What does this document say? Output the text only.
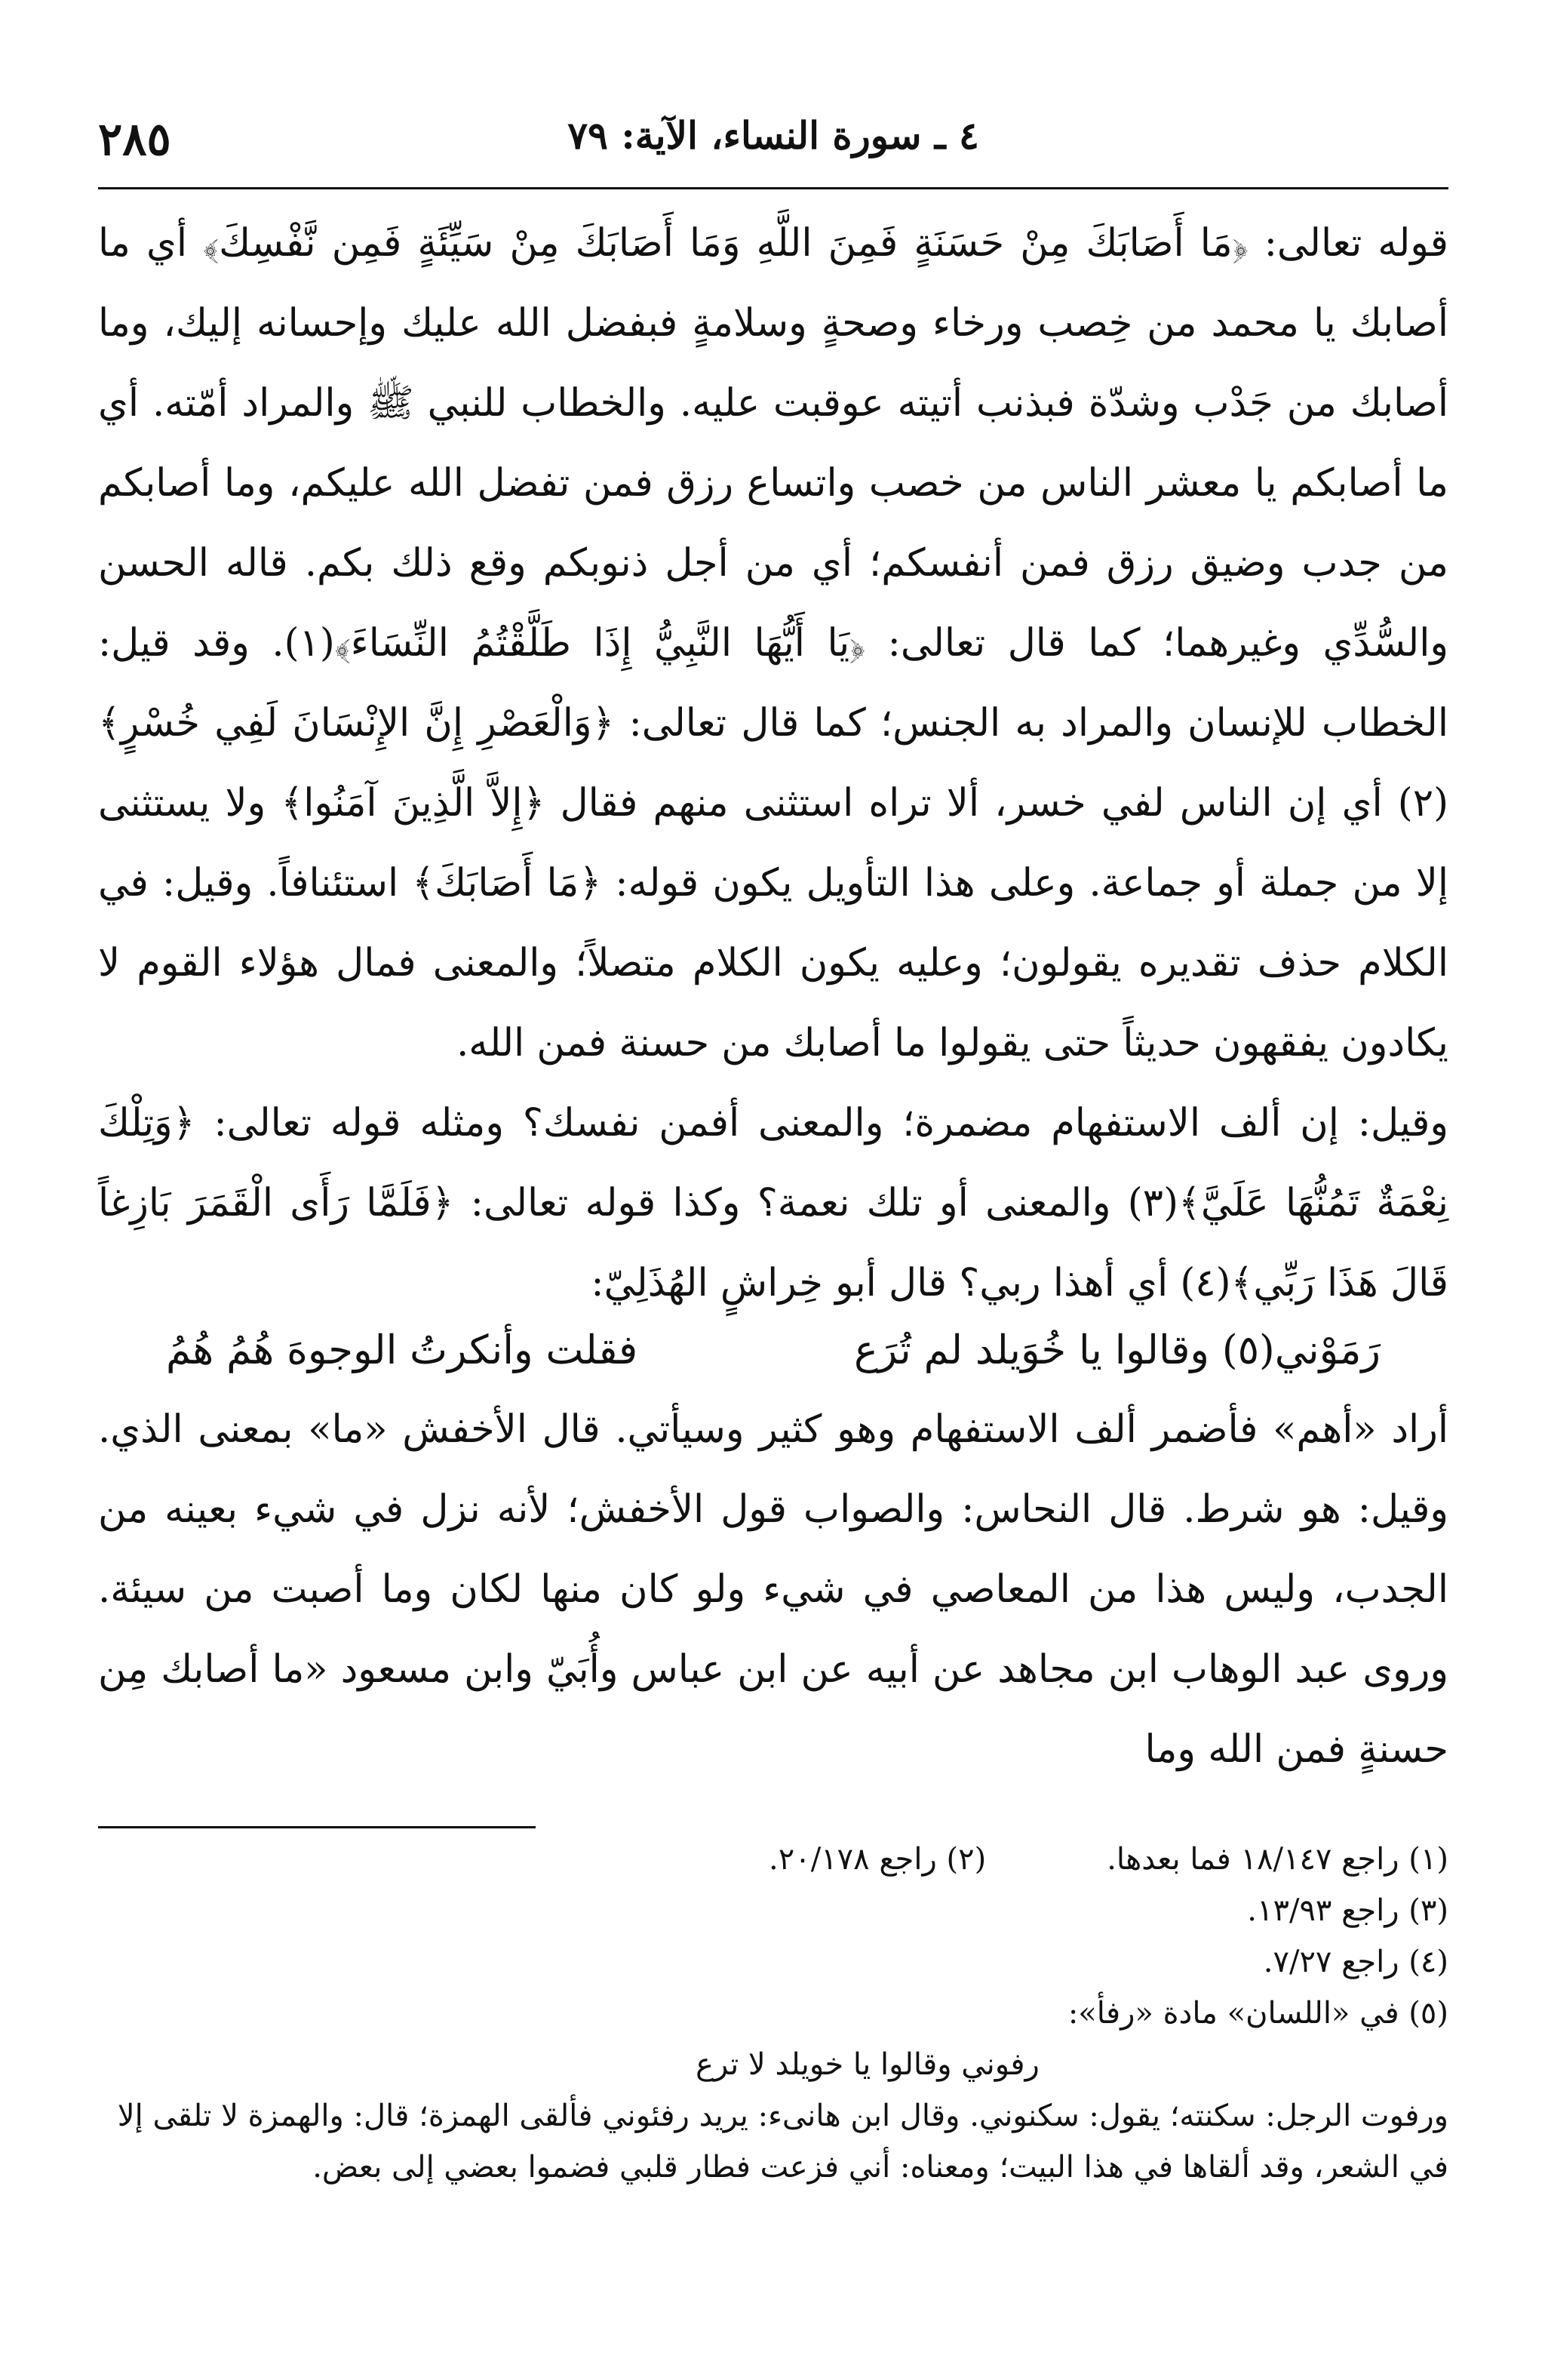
٢٨٥	٤ ـ سورة النساء، الآية: ٧٩

قوله تعالى: ﴿مَا أَصَابَكَ مِنْ حَسَنَةٍ فَمِنَ اللَّهِ وَمَا أَصَابَكَ مِنْ سَيِّئَةٍ فَمِن نَّفْسِكَ﴾ أي ما أصابك يا محمد من خِصب ورخاء وصحةٍ وسلامةٍ فبفضل الله عليك وإحسانه إليك، وما أصابك من جَدْب وشدّة فبذنب أتيته عوقبت عليه. والخطاب للنبي ﷺ والمراد أمّته. أي ما أصابكم يا معشر الناس من خصب واتساع رزق فمن تفضل الله عليكم، وما أصابكم من جدب وضيق رزق فمن أنفسكم؛ أي من أجل ذنوبكم وقع ذلك بكم. قاله الحسن والسُّدِّي وغيرهما؛ كما قال تعالى: ﴿يَا أَيُّهَا النَّبِيُّ إِذَا طَلَّقْتُمُ النِّسَاءَ﴾(١). وقد قيل: الخطاب للإنسان والمراد به الجنس؛ كما قال تعالى: ﴿وَالْعَصْرِ إِنَّ الإِنْسَانَ لَفِي خُسْرٍ﴾(٢) أي إن الناس لفي خسر، ألا تراه استثنى منهم فقال ﴿إِلاَّ الَّذِينَ آمَنُوا﴾ ولا يستثنى إلا من جملة أو جماعة. وعلى هذا التأويل يكون قوله: ﴿مَا أَصَابَكَ﴾ استئنافاً. وقيل: في الكلام حذف تقديره يقولون؛ وعليه يكون الكلام متصلاً؛ والمعنى فمال هؤلاء القوم لا يكادون يفقهون حديثاً حتى يقولوا ما أصابك من حسنة فمن الله.

وقيل: إن ألف الاستفهام مضمرة؛ والمعنى أفمن نفسك؟ ومثله قوله تعالى: ﴿وَتِلْكَ نِعْمَةٌ تَمُنُّهَا عَلَيَّ﴾(٣) والمعنى أو تلك نعمة؟ وكذا قوله تعالى: ﴿فَلَمَّا رَأَى الْقَمَرَ بَازِغاً قَالَ هَذَا رَبِّي﴾(٤) أي أهذا ربي؟ قال أبو خِراشٍ الهُذَلِيّ:

رَمَوْني(٥) وقالوا يا خُوَيلد لم تُرَع
فقلت وأنكرتُ الوجوهَ هُمُ هُمُ

أراد «أهم» فأضمر ألف الاستفهام وهو كثير وسيأتي. قال الأخفش «ما» بمعنى الذي. وقيل: هو شرط. قال النحاس: والصواب قول الأخفش؛ لأنه نزل في شيء بعينه من الجدب، وليس هذا من المعاصي في شيء ولو كان منها لكان وما أصبت من سيئة. وروى عبد الوهاب ابن مجاهد عن أبيه عن ابن عباس وأُبَيّ وابن مسعود «ما أصابك مِن حسنةٍ فمن الله وما

(١) راجع ١٨/١٤٧ فما بعدها.
(٢) راجع ٢٠/١٧٨.
(٣) راجع ١٣/٩٣.
(٤) راجع ٧/٢٧.
(٥) في «اللسان» مادة «رفأ»:
رفوني وقالوا يا خويلد لا ترع
ورفوت الرجل: سكنته؛ يقول: سكنوني. وقال ابن هانىء: يريد رفئوني فألقى الهمزة؛ قال: والهمزة لا تلقى إلا في الشعر، وقد ألقاها في هذا البيت؛ ومعناه: أني فزعت فطار قلبي فضموا بعضي إلى بعض.
